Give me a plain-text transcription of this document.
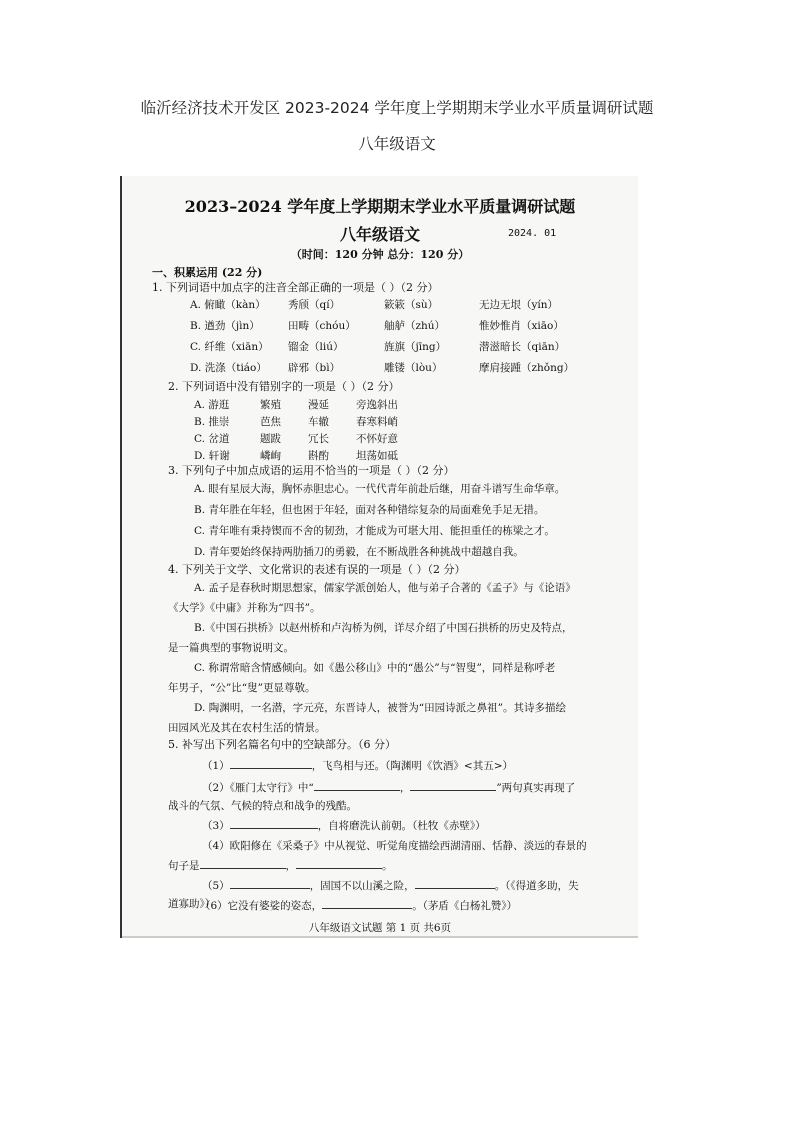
临沂经济技术开发区 2023-2024 学年度上学期期末学业水平质量调研试题
八年级语文
2023–2024 学年度上学期期末学业水平质量调研试题
八年级语文	2024. 01
（时间：120 分钟 总分：120 分）
一、积累运用 (22 分)
1. 下列词语中加点字的注音全部正确的一项是（ ）（2 分）
A. 俯瞰（kàn） 秀颀（qí）	簌簌（sù）	无边无垠（yín）
B. 遒劲（jìn）	田畴（chóu）	舳舻（zhú）	惟妙惟肖（xiāo）
C. 纤维（xiān） 镏金（liú）	旌旗（jīng）	潜滋暗长（qiān）
D. 洗涤（tiáo） 辟邪（bì）	雕镂（lòu）	摩肩接踵（zhǒng）
2. 下列词语中没有错别字的一项是（ ）（2 分）
A. 游逛	繁殖	漫延	旁逸斜出
B. 推崇	芭焦	车辙	春寒料峭
C. 岔道	题跋	冗长	不怀好意
D. 轩谢	嶙峋	斟酌	坦荡如砥
3. 下列句子中加点成语的运用不恰当的一项是（ ）（2 分）
A. 眼有星辰大海，胸怀赤胆忠心。一代代青年前赴后继，用奋斗谱写生命华章。
B. 青年胜在年轻，但也困于年轻，面对各种错综复杂的局面难免手足无措。
C. 青年唯有秉持锲而不舍的韧劲，才能成为可堪大用、能担重任的栋梁之才。
D. 青年要始终保持两肋插刀的勇毅，在不断战胜各种挑战中超越自我。
4. 下列关于文学、文化常识的表述有误的一项是（ ）（2 分）
A. 孟子是春秋时期思想家，儒家学派创始人，他与弟子合著的《孟子》与《论语》
《大学》《中庸》并称为“四书”。
B.《中国石拱桥》以赵州桥和卢沟桥为例，详尽介绍了中国石拱桥的历史及特点，
是一篇典型的事物说明文。
C. 称谓常暗含情感倾向。如《愚公移山》中的“愚公”与“智叟”，同样是称呼老
年男子，“公”比“叟”更显尊敬。
D. 陶渊明，一名潜，字元亮，东晋诗人，被誉为“田园诗派之鼻祖”。其诗多描绘
田园风光及其在农村生活的情景。
5. 补写出下列名篇名句中的空缺部分。（6 分）
（1）	，飞鸟相与还。（陶渊明《饮酒》<其五>）
（2）《雁门太守行》中“	，	”两句真实再现了
战斗的气氛、气候的特点和战争的残酷。
（3）	，自将磨洗认前朝。（杜牧《赤壁》）
（4）欧阳修在《采桑子》中从视觉、听觉角度描绘西湖清丽、恬静、淡远的春景的
句子是	，	。
（5）	，固国不以山溪之险，	。（《得道多助，失
道寡助》）
八年级语文试题 第 1 页 共6页
（6）它没有婆娑的姿态，	。（茅盾《白杨礼赞》）
